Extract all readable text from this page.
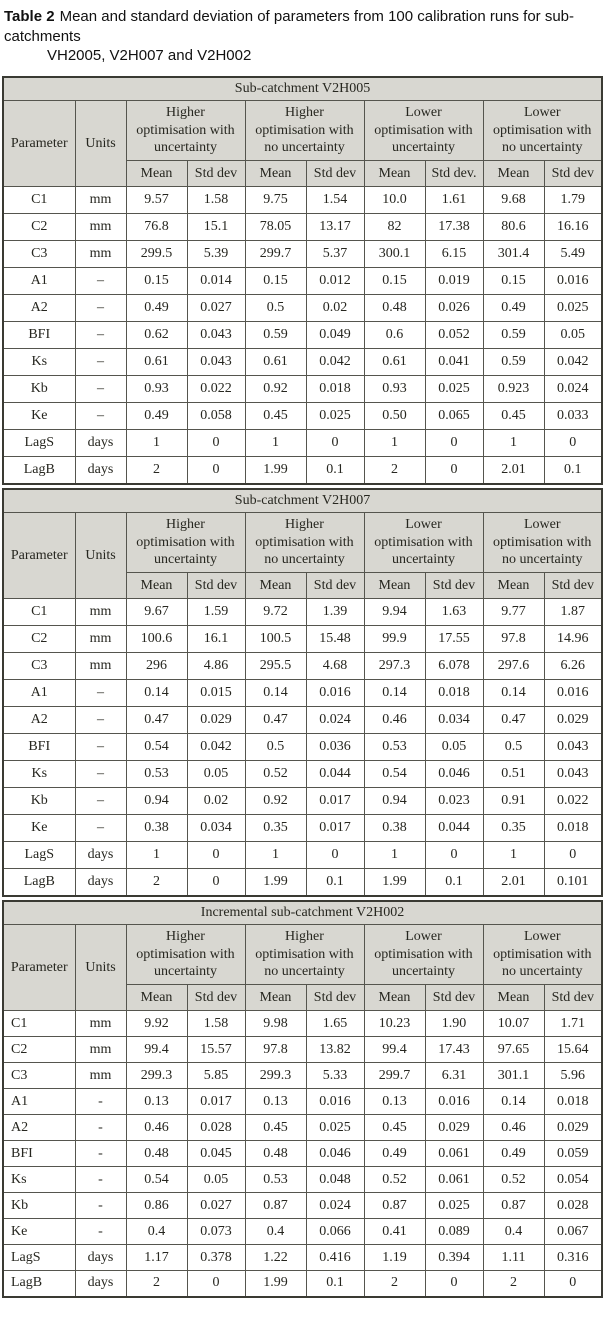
Table 2 Mean and standard deviation of parameters from 100 calibration runs for sub-catchments
VH2005, V2H007 and V2H002
Sub-catchment V2H005									
Parameter	Units	Higher optimisation with uncertainty		Higher optimisation with no uncertainty		Lower optimisation with uncertainty		Lower optimisation with no uncertainty	
		Mean	Std dev	Mean	Std dev	Mean	Std dev.	Mean	Std dev
C1	mm	9.57	1.58	9.75	1.54	10.0	1.61	9.68	1.79
C2	mm	76.8	15.1	78.05	13.17	82	17.38	80.6	16.16
C3	mm	299.5	5.39	299.7	5.37	300.1	6.15	301.4	5.49
A1	–	0.15	0.014	0.15	0.012	0.15	0.019	0.15	0.016
A2	–	0.49	0.027	0.5	0.02	0.48	0.026	0.49	0.025
BFI	–	0.62	0.043	0.59	0.049	0.6	0.052	0.59	0.05
Ks	–	0.61	0.043	0.61	0.042	0.61	0.041	0.59	0.042
Kb	–	0.93	0.022	0.92	0.018	0.93	0.025	0.923	0.024
Ke	–	0.49	0.058	0.45	0.025	0.50	0.065	0.45	0.033
LagS	days	1	0	1	0	1	0	1	0
LagB	days	2	0	1.99	0.1	2	0	2.01	0.1
Sub-catchment V2H007									
Parameter	Units	Higher optimisation with uncertainty		Higher optimisation with no uncertainty		Lower optimisation with uncertainty		Lower optimisation with no uncertainty	
		Mean	Std dev	Mean	Std dev	Mean	Std dev	Mean	Std dev
C1	mm	9.67	1.59	9.72	1.39	9.94	1.63	9.77	1.87
C2	mm	100.6	16.1	100.5	15.48	99.9	17.55	97.8	14.96
C3	mm	296	4.86	295.5	4.68	297.3	6.078	297.6	6.26
A1	–	0.14	0.015	0.14	0.016	0.14	0.018	0.14	0.016
A2	–	0.47	0.029	0.47	0.024	0.46	0.034	0.47	0.029
BFI	–	0.54	0.042	0.5	0.036	0.53	0.05	0.5	0.043
Ks	–	0.53	0.05	0.52	0.044	0.54	0.046	0.51	0.043
Kb	–	0.94	0.02	0.92	0.017	0.94	0.023	0.91	0.022
Ke	–	0.38	0.034	0.35	0.017	0.38	0.044	0.35	0.018
LagS	days	1	0	1	0	1	0	1	0
LagB	days	2	0	1.99	0.1	1.99	0.1	2.01	0.101
Incremental sub-catchment V2H002									
Parameter	Units	Higher optimisation with uncertainty		Higher optimisation with no uncertainty		Lower optimisation with uncertainty		Lower optimisation with no uncertainty	
		Mean	Std dev	Mean	Std dev	Mean	Std dev	Mean	Std dev
C1	mm	9.92	1.58	9.98	1.65	10.23	1.90	10.07	1.71
C2	mm	99.4	15.57	97.8	13.82	99.4	17.43	97.65	15.64
C3	mm	299.3	5.85	299.3	5.33	299.7	6.31	301.1	5.96
A1	-	0.13	0.017	0.13	0.016	0.13	0.016	0.14	0.018
A2	-	0.46	0.028	0.45	0.025	0.45	0.029	0.46	0.029
BFI	-	0.48	0.045	0.48	0.046	0.49	0.061	0.49	0.059
Ks	-	0.54	0.05	0.53	0.048	0.52	0.061	0.52	0.054
Kb	-	0.86	0.027	0.87	0.024	0.87	0.025	0.87	0.028
Ke	-	0.4	0.073	0.4	0.066	0.41	0.089	0.4	0.067
LagS	days	1.17	0.378	1.22	0.416	1.19	0.394	1.11	0.316
LagB	days	2	0	1.99	0.1	2	0	2	0
